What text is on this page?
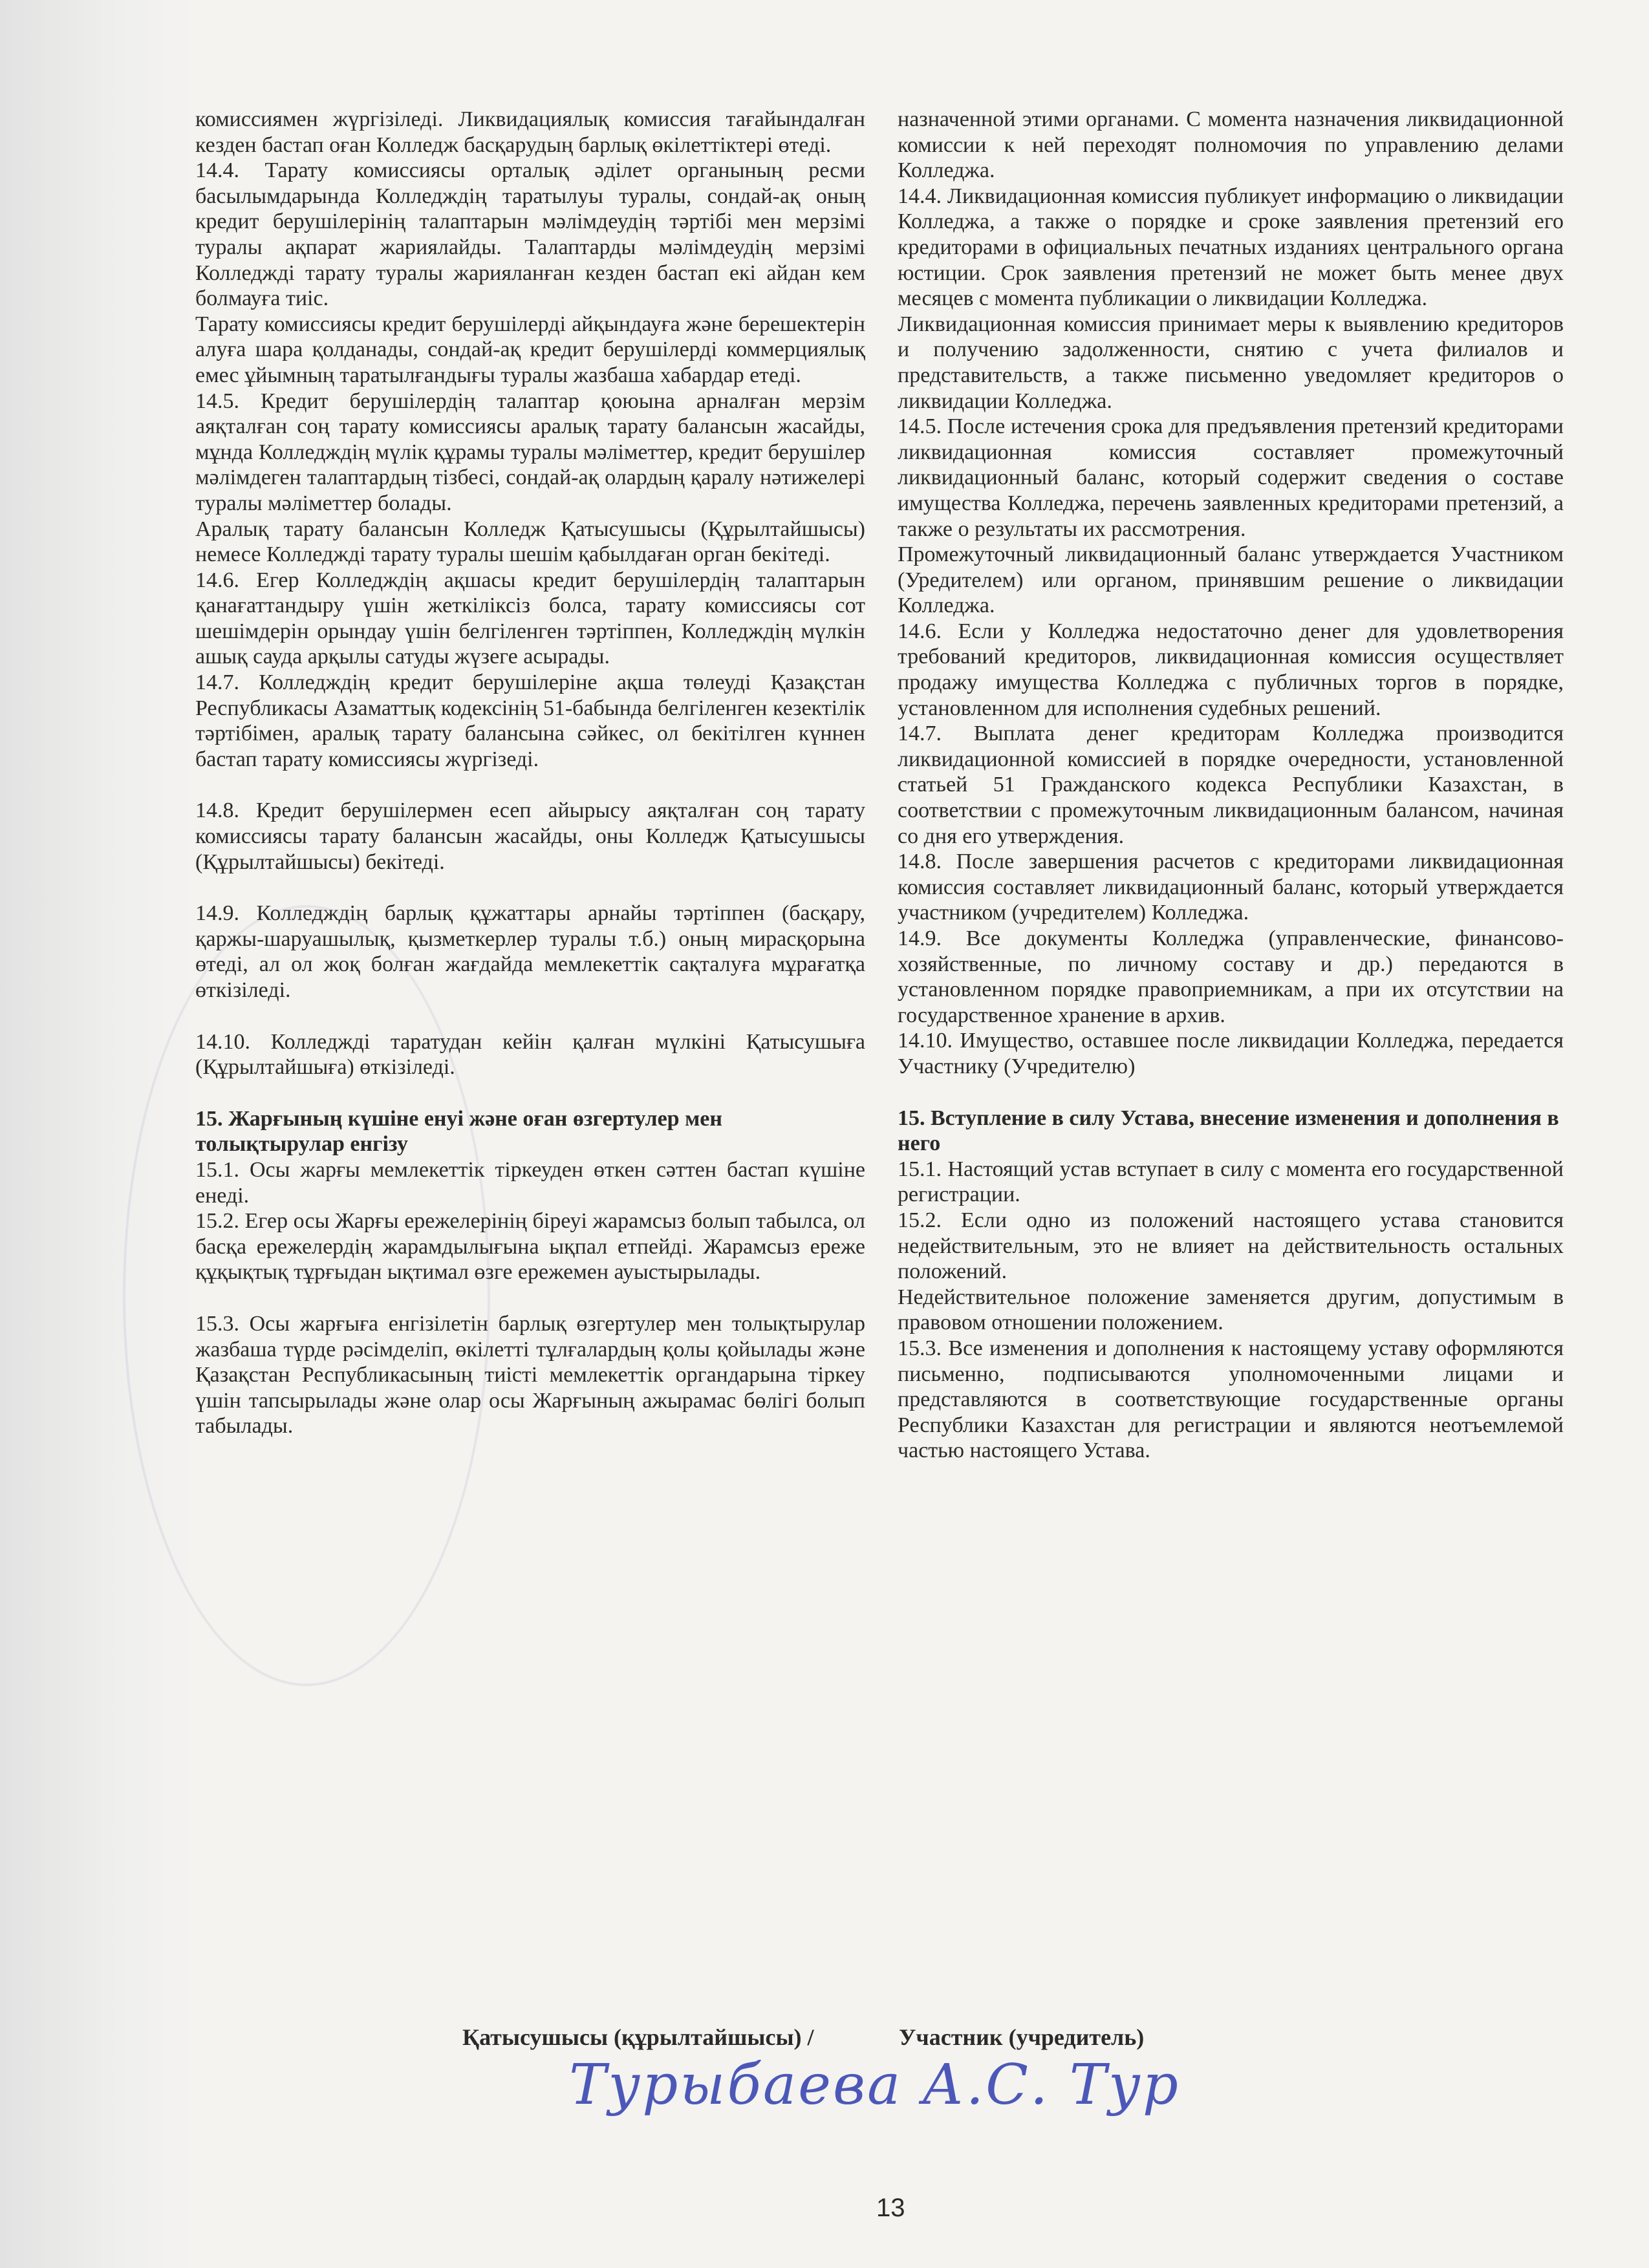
комиссиямен жүргізіледі. Ликвидациялық комиссия тағайындалған кезден бастап оған Колледж басқарудың барлық өкілеттіктері өтеді.

14.4. Тарату комиссиясы орталық әділет органының ресми басылымдарында Колледждің таратылуы туралы, сондай-ақ оның кредит берушілерінің талаптарын мәлімдеудің тәртібі мен мерзімі туралы ақпарат жариялайды. Талаптарды мәлімдеудің мерзімі Колледжді тарату туралы жарияланған кезден бастап екі айдан кем болмауға тиіс.

Тарату комиссиясы кредит берушілерді айқындауға және берешектерін алуға шара қолданады, сондай-ақ кредит берушілерді коммерциялық емес ұйымның таратылғандығы туралы жазбаша хабардар етеді.

14.5. Кредит берушілердің талаптар қоюына арналған мерзім аяқталған соң тарату комиссиясы аралық тарату балансын жасайды, мұнда Колледждің мүлік құрамы туралы мәліметтер, кредит берушілер мәлімдеген талаптардың тізбесі, сондай-ақ олардың қаралу нәтижелері туралы мәліметтер болады.

Аралық тарату балансын Колледж Қатысушысы (Құрылтайшысы) немесе Колледжді тарату туралы шешім қабылдаған орган бекітеді.

14.6. Егер Колледждің ақшасы кредит берушілердің талаптарын қанағаттандыру үшін жеткіліксіз болса, тарату комиссиясы сот шешімдерін орындау үшін белгіленген тәртіппен, Колледждің мүлкін ашық сауда арқылы сатуды жүзеге асырады.

14.7. Колледждің кредит берушілеріне ақша төлеуді Қазақстан Республикасы Азаматтық кодексінің 51-бабында белгіленген кезектілік тәртібімен, аралық тарату балансына сәйкес, ол бекітілген күннен бастап тарату комиссиясы жүргізеді.

14.8. Кредит берушілермен есеп айырысу аяқталған соң тарату комиссиясы тарату балансын жасайды, оны Колледж Қатысушысы (Құрылтайшысы) бекітеді.

14.9. Колледждің барлық құжаттары арнайы тәртіппен (басқару, қаржы-шаруашылық, қызметкерлер туралы т.б.) оның мирасқорына өтеді, ал ол жоқ болған жағдайда мемлекеттік сақталуға мұрағатқа өткізіледі.

14.10. Колледжді таратудан кейін қалған мүлкіні Қатысушыға (Құрылтайшыға) өткізіледі.

15. Жарғының күшіне енуі және оған өзгертулер мен толықтырулар енгізу

15.1. Осы жарғы мемлекеттік тіркеуден өткен сәттен бастап күшіне енеді.

15.2. Егер осы Жарғы ережелерінің біреуі жарамсыз болып табылса, ол басқа ережелердің жарамдылығына ықпал етпейді. Жарамсыз ереже құқықтық тұрғыдан ықтимал өзге ережемен ауыстырылады.

15.3. Осы жарғыға енгізілетін барлық өзгертулер мен толықтырулар жазбаша түрде рәсімделіп, өкілетті тұлғалардың қолы қойылады және Қазақстан Республикасының тиісті мемлекеттік органдарына тіркеу үшін тапсырылады және олар осы Жарғының ажырамас бөлігі болып табылады.

назначенной этими органами. С момента назначения ликвидационной комиссии к ней переходят полномочия по управлению делами Колледжа.

14.4. Ликвидационная комиссия публикует информацию о ликвидации Колледжа, а также о порядке и сроке заявления претензий его кредиторами в официальных печатных изданиях центрального органа юстиции. Срок заявления претензий не может быть менее двух месяцев с момента публикации о ликвидации Колледжа.

Ликвидационная комиссия принимает меры к выявлению кредиторов и получению задолженности, снятию с учета филиалов и представительств, а также письменно уведомляет кредиторов о ликвидации Колледжа.

14.5. После истечения срока для предъявления претензий кредиторами ликвидационная комиссия составляет промежуточный ликвидационный баланс, который содержит сведения о составе имущества Колледжа, перечень заявленных кредиторами претензий, а также о результаты их рассмотрения.

Промежуточный ликвидационный баланс утверждается Участником (Уредителем) или органом, принявшим решение о ликвидации Колледжа.

14.6. Если у Колледжа недостаточно денег для удовлетворения требований кредиторов, ликвидационная комиссия осуществляет продажу имущества Колледжа с публичных торгов в порядке, установленном для исполнения судебных решений.

14.7. Выплата денег кредиторам Колледжа производится ликвидационной комиссией в порядке очередности, установленной статьей 51 Гражданского кодекса Республики Казахстан, в соответствии с промежуточным ликвидационным балансом, начиная со дня его утверждения.

14.8. После завершения расчетов с кредиторами ликвидационная комиссия составляет ликвидационный баланс, который утверждается участником (учредителем) Колледжа.

14.9. Все документы Колледжа (управленческие, финансово-хозяйственные, по личному составу и др.) передаются в установленном порядке правоприемникам, а при их отсутствии на государственное хранение в архив.

14.10. Имущество, оставшее после ликвидации Колледжа, передается Участнику (Учредителю)

15. Вступление в силу Устава, внесение изменения и дополнения в него

15.1. Настоящий устав вступает в силу с момента его государственной регистрации.

15.2. Если одно из положений настоящего устава становится недействительным, это не влияет на действительность остальных положений.

Недействительное положение заменяется другим, допустимым в правовом отношении положением.

15.3. Все изменения и дополнения к настоящему уставу оформляются письменно, подписываются уполномоченными лицами и представляются в соответствующие государственные органы Республики Казахстан для регистрации и являются неотъемлемой частью настоящего Устава.

Қатысушысы (құрылтайшысы) /	Участник (учредитель)
Турыбаева А.С. Тур
13
